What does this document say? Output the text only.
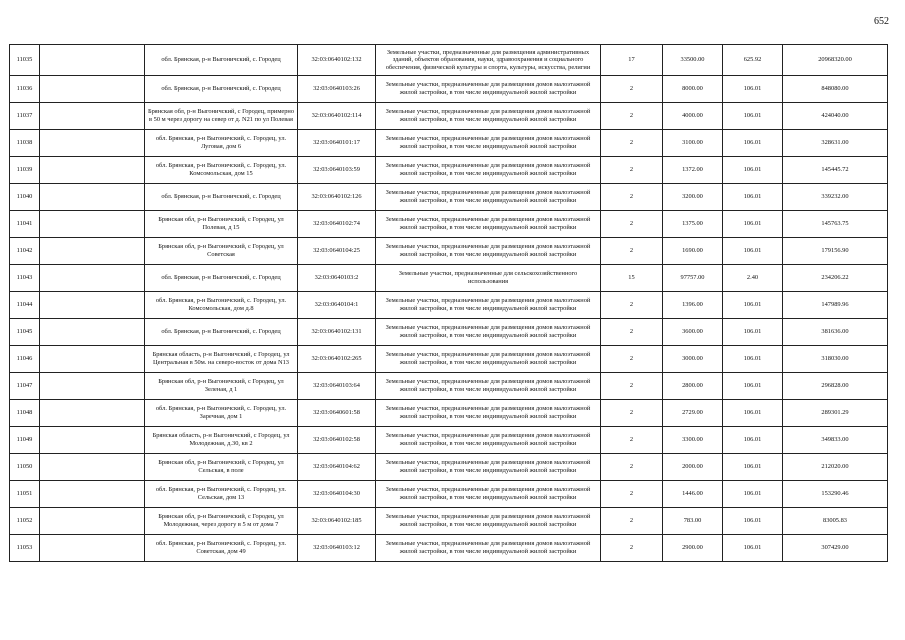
652
11035		обл. Брянская, р-н Выгоничский, с. Городец	32:03:0640102:132	Земельные участки, предназначенные для размещения административных зданий, объектов образования, науки, здравоохранения и социального обеспечения, физической культуры и спорта, культуры, искусства, религии	17	33500.00	625.92	20968320.00
11036		обл. Брянская, р-н Выгоничский, с. Городец	32:03:0640103:26	Земельные участки, предназначенные для размещения домов малоэтажной жилой застройки, в том числе индивидуальной жилой застройки	2	8000.00	106.01	848080.00
11037		Брянская обл, р-н Выгоничский, с Городец, примерно в 50 м через дорогу на север от д. N21 по ул Полевая	32:03:0640102:114	Земельные участки, предназначенные для размещения домов малоэтажной жилой застройки, в том числе индивидуальной жилой застройки	2	4000.00	106.01	424040.00
11038		обл. Брянская, р-н Выгоничский, с. Городец, ул. Луговая, дом 6	32:03:0640101:17	Земельные участки, предназначенные для размещения домов малоэтажной жилой застройки, в том числе индивидуальной жилой застройки	2	3100.00	106.01	328631.00
11039		обл. Брянская, р-н Выгоничский, с. Городец, ул. Комсомольская, дом 15	32:03:0640103:59	Земельные участки, предназначенные для размещения домов малоэтажной жилой застройки, в том числе индивидуальной жилой застройки	2	1372.00	106.01	145445.72
11040		обл. Брянская, р-н Выгоничский, с. Городец	32:03:0640102:126	Земельные участки, предназначенные для размещения домов малоэтажной жилой застройки, в том числе индивидуальной жилой застройки	2	3200.00	106.01	339232.00
11041		Брянская обл, р-н Выгоничский, с Городец, ул Полевая, д 15	32:03:0640102:74	Земельные участки, предназначенные для размещения домов малоэтажной жилой застройки, в том числе индивидуальной жилой застройки	2	1375.00	106.01	145763.75
11042		Брянская обл, р-н Выгоничский, с Городец, ул Советская	32:03:0640104:25	Земельные участки, предназначенные для размещения домов малоэтажной жилой застройки, в том числе индивидуальной жилой застройки	2	1690.00	106.01	179156.90
11043		обл. Брянская, р-н Выгоничский, с. Городец	32:03:0640103:2	Земельные участки, предназначенные для сельскохозяйственного использования	15	97757.00	2.40	234206.22
11044		обл. Брянская, р-н Выгоничский, с. Городец, ул. Комсомольская, дом д.8	32:03:0640104:1	Земельные участки, предназначенные для размещения домов малоэтажной жилой застройки, в том числе индивидуальной жилой застройки	2	1396.00	106.01	147989.96
11045		обл. Брянская, р-н Выгоничский, с. Городец	32:03:0640102:131	Земельные участки, предназначенные для размещения домов малоэтажной жилой застройки, в том числе индивидуальной жилой застройки	2	3600.00	106.01	381636.00
11046		Брянская область, р-н Выгоничский, с Городец, ул Центральная в 50м. на северо-восток от дома N13	32:03:0640102:265	Земельные участки, предназначенные для размещения домов малоэтажной жилой застройки, в том числе индивидуальной жилой застройки	2	3000.00	106.01	318030.00
11047		Брянская обл, р-н Выгоничский, с Городец, ул Зеленая, д 1	32:03:0640103:64	Земельные участки, предназначенные для размещения домов малоэтажной жилой застройки, в том числе индивидуальной жилой застройки	2	2800.00	106.01	296828.00
11048		обл. Брянская, р-н Выгоничский, с. Городец, ул. Заречная, дом 1	32:03:0640601:58	Земельные участки, предназначенные для размещения домов малоэтажной жилой застройки, в том числе индивидуальной жилой застройки	2	2729.00	106.01	289301.29
11049		Брянская область, р-н Выгоничский, с Городец, ул Молодежная, д.30, кв 2	32:03:0640102:58	Земельные участки, предназначенные для размещения домов малоэтажной жилой застройки, в том числе индивидуальной жилой застройки	2	3300.00	106.01	349833.00
11050		Брянская обл, р-н Выгоничский, с Городец, ул Сельская, в поле	32:03:0640104:62	Земельные участки, предназначенные для размещения домов малоэтажной жилой застройки, в том числе индивидуальной жилой застройки	2	2000.00	106.01	212020.00
11051		обл. Брянская, р-н Выгоничский, с. Городец, ул. Сельская, дом 13	32:03:0640104:30	Земельные участки, предназначенные для размещения домов малоэтажной жилой застройки, в том числе индивидуальной жилой застройки	2	1446.00	106.01	153290.46
11052		Брянская обл, р-н Выгоничский, с Городец, ул Молодежная, через дорогу в 5 м от дома 7	32:03:0640102:185	Земельные участки, предназначенные для размещения домов малоэтажной жилой застройки, в том числе индивидуальной жилой застройки	2	783.00	106.01	83005.83
11053		обл. Брянская, р-н Выгоничский, с. Городец, ул. Советская, дом 49	32:03:0640103:12	Земельные участки, предназначенные для размещения домов малоэтажной жилой застройки, в том числе индивидуальной жилой застройки	2	2900.00	106.01	307429.00
